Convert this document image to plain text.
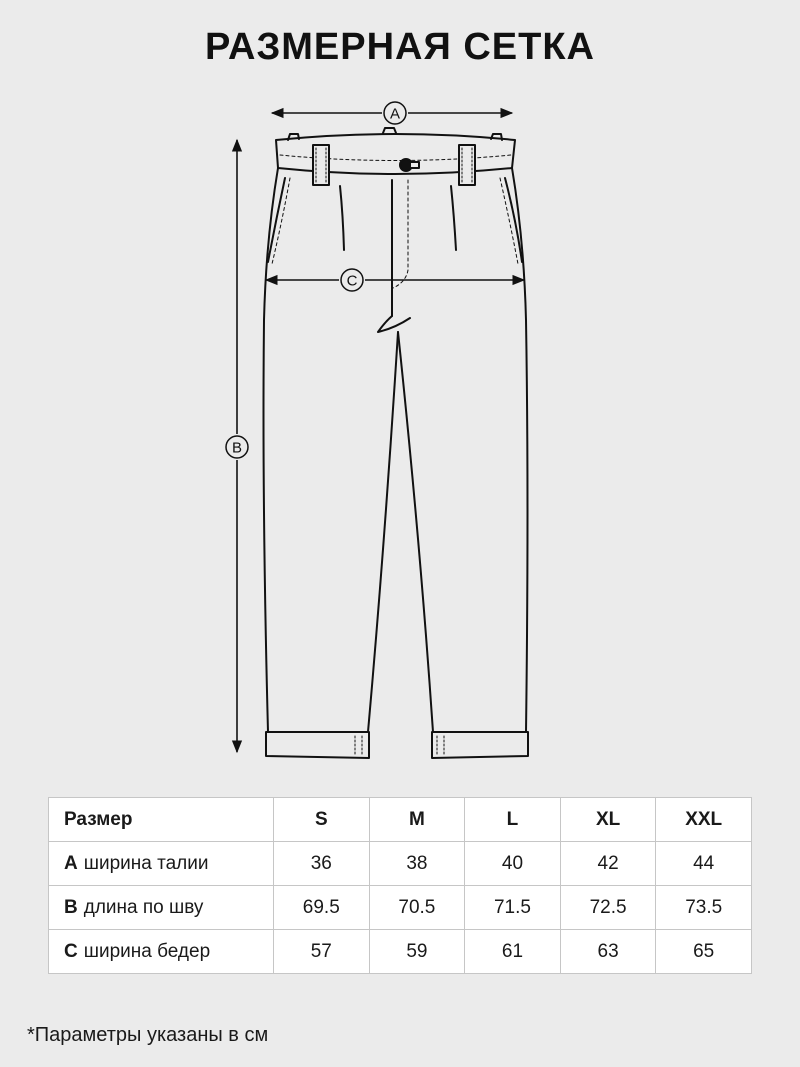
РАЗМЕРНАЯ СЕТКА
A
B
C
Размер	S	M	L	XL	XXL
A ширина талии	36	38	40	42	44
B длина по шву	69.5	70.5	71.5	72.5	73.5
C ширина бедер	57	59	61	63	65
*Параметры указаны в см
